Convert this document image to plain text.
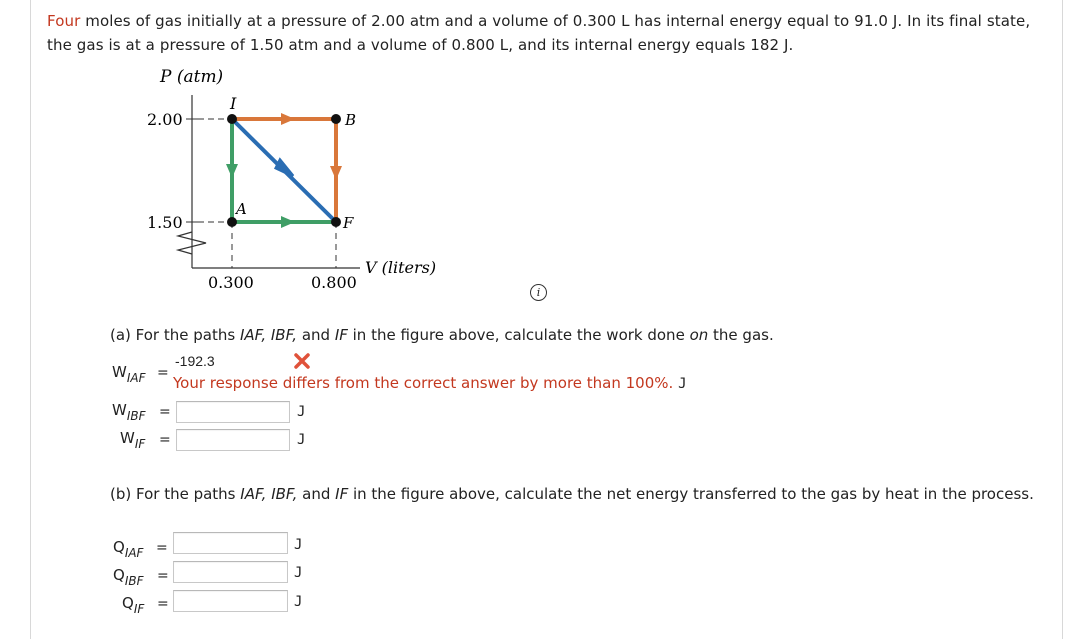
Four moles of gas initially at a pressure of 2.00 atm and a volume of 0.300 L has internal energy equal to 91.0 J. In its final state, the gas is at a pressure of 1.50 atm and a volume of 0.800 L, and its internal energy equals 182 J.
P (atm)
2.00
1.50
0.300	0.800
V (liters)
I
B
A
F
i
(a) For the paths IAF, IBF, and IF in the figure above, calculate the work done on the gas.
$W_{IAF}$ =
-192.3
Your response differs from the correct answer by more than 100%. J
$W_{IBF}$ =	J
$W_{IF}$ =	J
(b) For the paths IAF, IBF, and IF in the figure above, calculate the net energy transferred to the gas by heat in the process.
$Q_{IAF}$ =	J
$Q_{IBF}$ =	J
$Q_{IF}$ =	J
